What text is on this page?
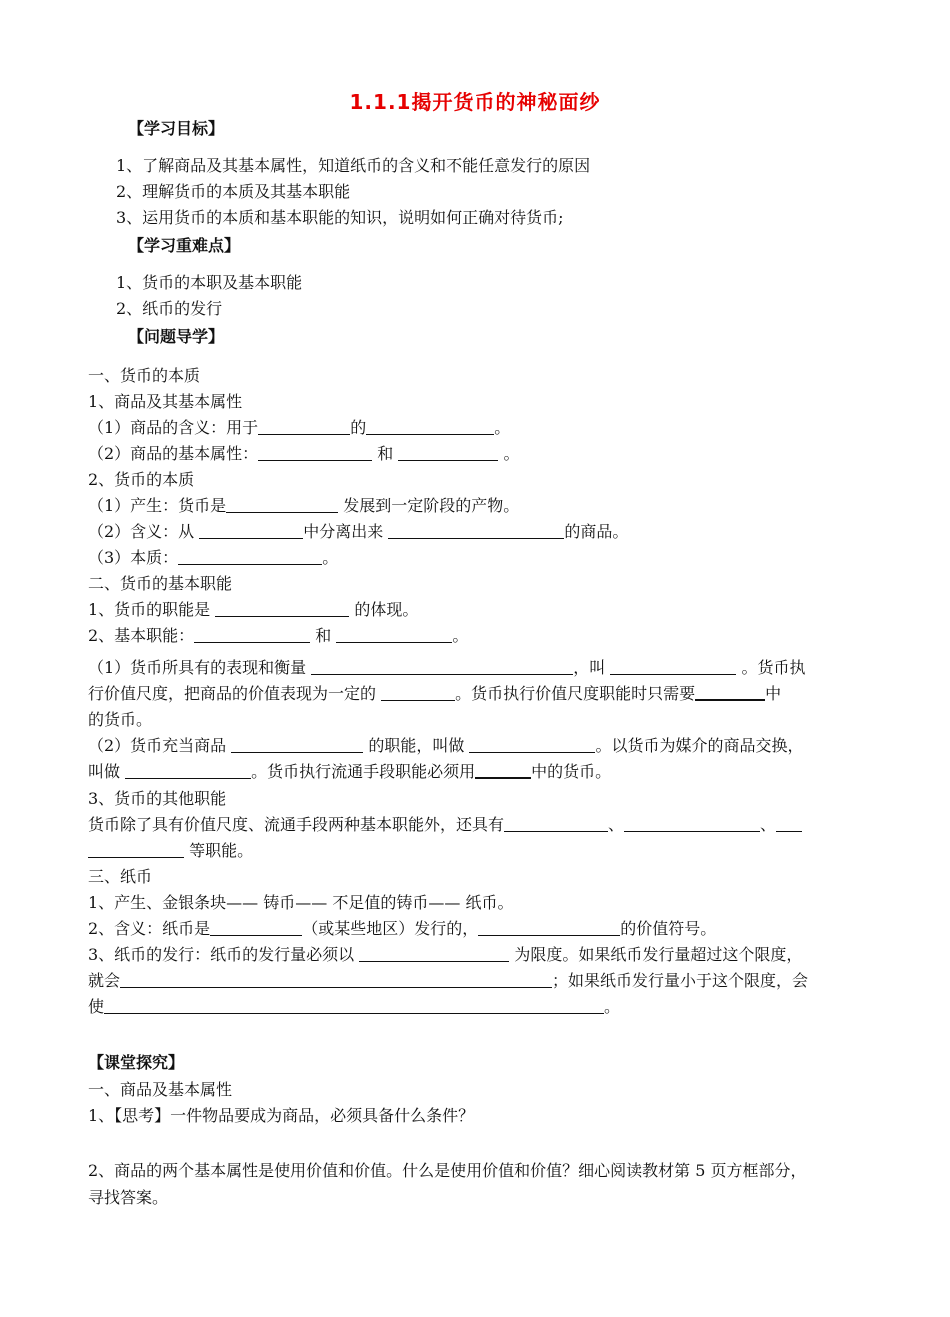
1.1.1揭开货币的神秘面纱
【学习目标】
1、了解商品及其基本属性，知道纸币的含义和不能任意发行的原因
2、理解货币的本质及其基本职能
3、运用货币的本质和基本职能的知识，说明如何正确对待货币;
【学习重难点】
1、货币的本职及基本职能
2、纸币的发行
【问题导学】
一、货币的本质
1、商品及其基本属性
（1）商品的含义：用于	的	。
（2）商品的基本属性：	和	。
2、货币的本质
（1）产生：货币是	发展到一定阶段的产物。
（2）含义：从	中分离出来	的商品。
（3）本质：	。
二、货币的基本职能
1、货币的职能是	的体现。
2、基本职能：	和	。
（1）货币所具有的表现和衡量	，叫	。货币执
行价值尺度，把商品的价值表现为一定的	。货币执行价值尺度职能时只需要	中
的货币。
（2）货币充当商品	的职能，叫做	。以货币为媒介的商品交换，
叫做	。货币执行流通手段职能必须用	中的货币。
3、货币的其他职能
货币除了具有价值尺度、流通手段两种基本职能外，还具有	、	、
等职能。
三、纸币
1、产生、金银条块—— 铸币—— 不足值的铸币—— 纸币。
2、含义：纸币是	（或某些地区）发行的，	的价值符号。
3、纸币的发行：纸币的发行量必须以	为限度。如果纸币发行量超过这个限度，
就会	；如果纸币发行量小于这个限度，会
使	。
【课堂探究】
一、商品及基本属性
1、【思考】一件物品要成为商品，必须具备什么条件？
2、商品的两个基本属性是使用价值和价值。什么是使用价值和价值？细心阅读教材第 5 页方框部分，
寻找答案。
